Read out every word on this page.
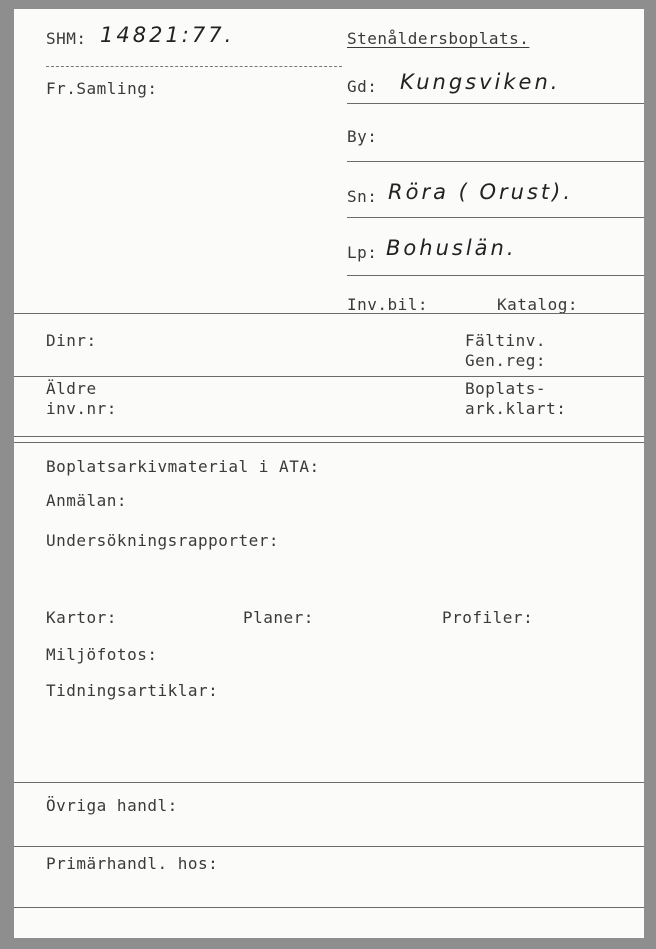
SHM: 14821:77.	Stenåldersboplats.
Fr.Samling:	Gd: Kungsviken.
By:
Sn: Röra ( Orust).
Lp: Bohuslän.
Inv.bil:	Katalog:
Dinr:	Fältinv.
Gen.reg:
Äldre
inv.nr:
Boplats-
ark.klart:
Boplatsarkivmaterial i ATA:
Anmälan:
Undersökningsrapporter:
Kartor:	Planer:	Profiler:
Miljöfotos:
Tidningsartiklar:
Övriga handl:
Primärhandl. hos:
